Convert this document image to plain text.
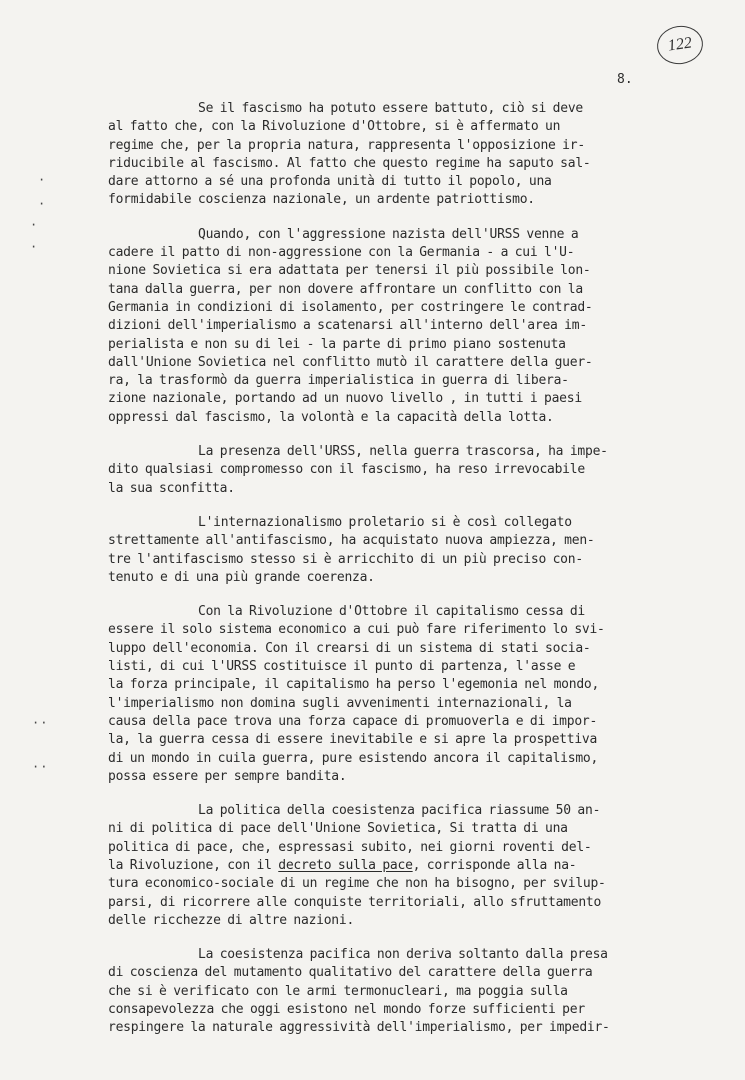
122
8.
·
·
·
·
··
··
Se il fascismo ha potuto essere battuto, ciò si deve
al fatto che, con la Rivoluzione d'Ottobre, si è affermato un
regime che, per la propria natura, rappresenta l'opposizione ir-
riducibile al fascismo. Al fatto che questo regime ha saputo sal-
dare attorno a sé una profonda unità di tutto il popolo, una
formidabile coscienza nazionale, un ardente patriottismo.
Quando, con l'aggressione nazista dell'URSS venne a
cadere il patto di non-aggressione con la Germania - a cui l'U-
nione Sovietica si era adattata per tenersi il più possibile lon-
tana dalla guerra, per non dovere affrontare un conflitto con la
Germania in condizioni di isolamento, per costringere le contrad-
dizioni dell'imperialismo a scatenarsi all'interno dell'area im-
perialista e non su di lei - la parte di primo piano sostenuta
dall'Unione Sovietica nel conflitto mutò il carattere della guer-
ra, la trasformò da guerra imperialistica in guerra di libera-
zione nazionale, portando ad un nuovo livello , in tutti i paesi
oppressi dal fascismo, la volontà e la capacità della lotta.
La presenza dell'URSS, nella guerra trascorsa, ha impe-
dito qualsiasi compromesso con il fascismo, ha reso irrevocabile
la sua sconfitta.
L'internazionalismo proletario si è così collegato
strettamente all'antifascismo, ha acquistato nuova ampiezza, men-
tre l'antifascismo stesso si è arricchito di un più preciso con-
tenuto e di una più grande coerenza.
Con la Rivoluzione d'Ottobre il capitalismo cessa di
essere il solo sistema economico a cui può fare riferimento lo svi-
luppo dell'economia. Con il crearsi di un sistema di stati socia-
listi, di cui l'URSS costituisce il punto di partenza, l'asse e
la forza principale, il capitalismo ha perso l'egemonia nel mondo,
l'imperialismo non domina sugli avvenimenti internazionali, la
causa della pace trova una forza capace di promuoverla e di impor-
la, la guerra cessa di essere inevitabile e si apre la prospettiva
di un mondo in cuila guerra, pure esistendo ancora il capitalismo,
possa essere per sempre bandita.
La politica della coesistenza pacifica riassume 50 an-
ni di politica di pace dell'Unione Sovietica, Si tratta di una
politica di pace, che, espressasi subito, nei giorni roventi del-
la Rivoluzione, con il decreto sulla pace, corrisponde alla na-
tura economico-sociale di un regime che non ha bisogno, per svilup-
parsi, di ricorrere alle conquiste territoriali, allo sfruttamento
delle ricchezze di altre nazioni.
La coesistenza pacifica non deriva soltanto dalla presa
di coscienza del mutamento qualitativo del carattere della guerra
che si è verificato con le armi termonucleari, ma poggia sulla
consapevolezza che oggi esistono nel mondo forze sufficienti per
respingere la naturale aggressività dell'imperialismo, per impedir-
